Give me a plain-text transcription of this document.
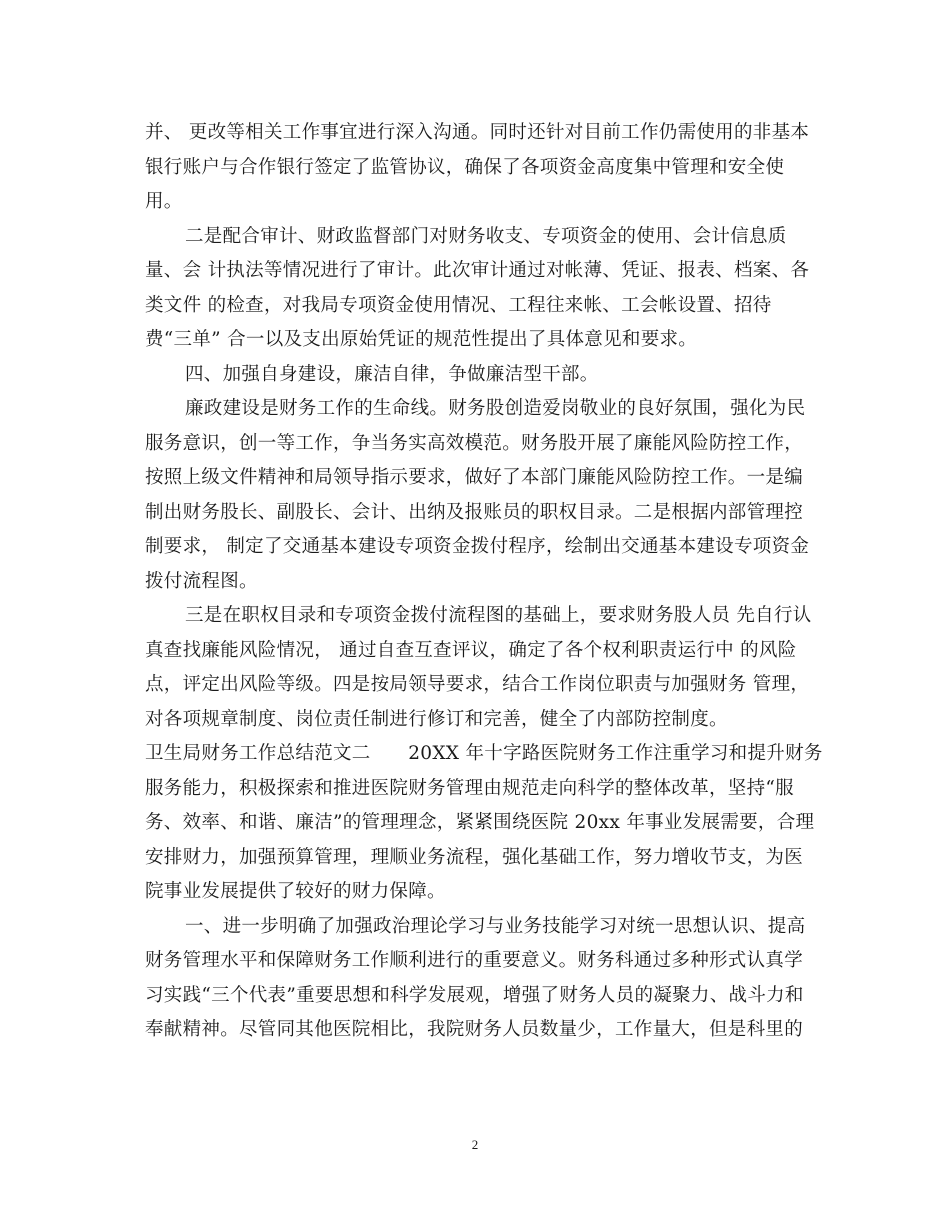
并、 更改等相关工作事宜进行深入沟通。同时还针对目前工作仍需使用的非基本
银行账户与合作银行签定了监管协议，确保了各项资金高度集中管理和安全使
用。

二是配合审计、财政监督部门对财务收支、专项资金的使用、会计信息质
量、会 计执法等情况进行了审计。此次审计通过对帐薄、凭证、报表、档案、各
类文件 的检查，对我局专项资金使用情况、工程往来帐、工会帐设置、招待
费“三单” 合一以及支出原始凭证的规范性提出了具体意见和要求。

四、加强自身建设，廉洁自律，争做廉洁型干部。

廉政建设是财务工作的生命线。财务股创造爱岗敬业的良好氛围，强化为民
服务意识，创一等工作，争当务实高效模范。财务股开展了廉能风险防控工作，
按照上级文件精神和局领导指示要求，做好了本部门廉能风险防控工作。一是编
制出财务股长、副股长、会计、出纳及报账员的职权目录。二是根据内部管理控
制要求， 制定了交通基本建设专项资金拨付程序，绘制出交通基本建设专项资金
拨付流程图。

三是在职权目录和专项资金拨付流程图的基础上，要求财务股人员 先自行认
真查找廉能风险情况， 通过自查互查评议，确定了各个权利职责运行中 的风险
点，评定出风险等级。四是按局领导要求，结合工作岗位职责与加强财务 管理，
对各项规章制度、岗位责任制进行修订和完善，健全了内部防控制度。

卫生局财务工作总结范文二　　20XX 年十字路医院财务工作注重学习和提升财务
服务能力，积极探索和推进医院财务管理由规范走向科学的整体改革，坚持“服
务、效率、和谐、廉洁”的管理理念，紧紧围绕医院 20xx 年事业发展需要，合理
安排财力，加强预算管理，理顺业务流程，强化基础工作，努力增收节支，为医
院事业发展提供了较好的财力保障。

一、进一步明确了加强政治理论学习与业务技能学习对统一思想认识、提高
财务管理水平和保障财务工作顺利进行的重要意义。财务科通过多种形式认真学
习实践“三个代表”重要思想和科学发展观，增强了财务人员的凝聚力、战斗力和
奉献精神。尽管同其他医院相比，我院财务人员数量少，工作量大，但是科里的

2
